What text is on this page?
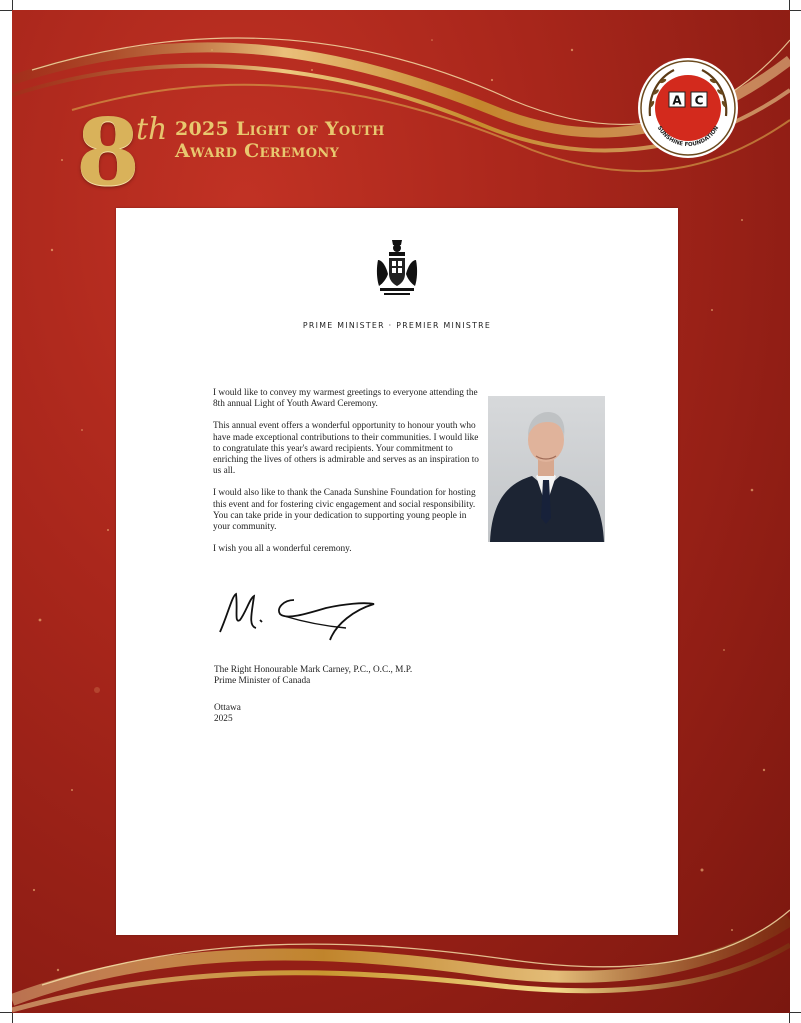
8
th 2025 Light of Youth
Award Ceremony
A C
SUNSHINE FOUNDATION
PRIME MINISTER · PREMIER MINISTRE

I would like to convey my warmest greetings to everyone attending the 8th annual Light of Youth Award Ceremony.

This annual event offers a wonderful opportunity to honour youth who have made exceptional contributions to their communities. I would like to congratulate this year's award recipients. Your commitment to enriching the lives of others is admirable and serves as an inspiration to us all.

I would also like to thank the Canada Sunshine Foundation for hosting this event and for fostering civic engagement and social responsibility. You can take pride in your dedication to supporting young people in your community.

I wish you all a wonderful ceremony.

The Right Honourable Mark Carney, P.C., O.C., M.P.
Prime Minister of Canada
Ottawa
2025
